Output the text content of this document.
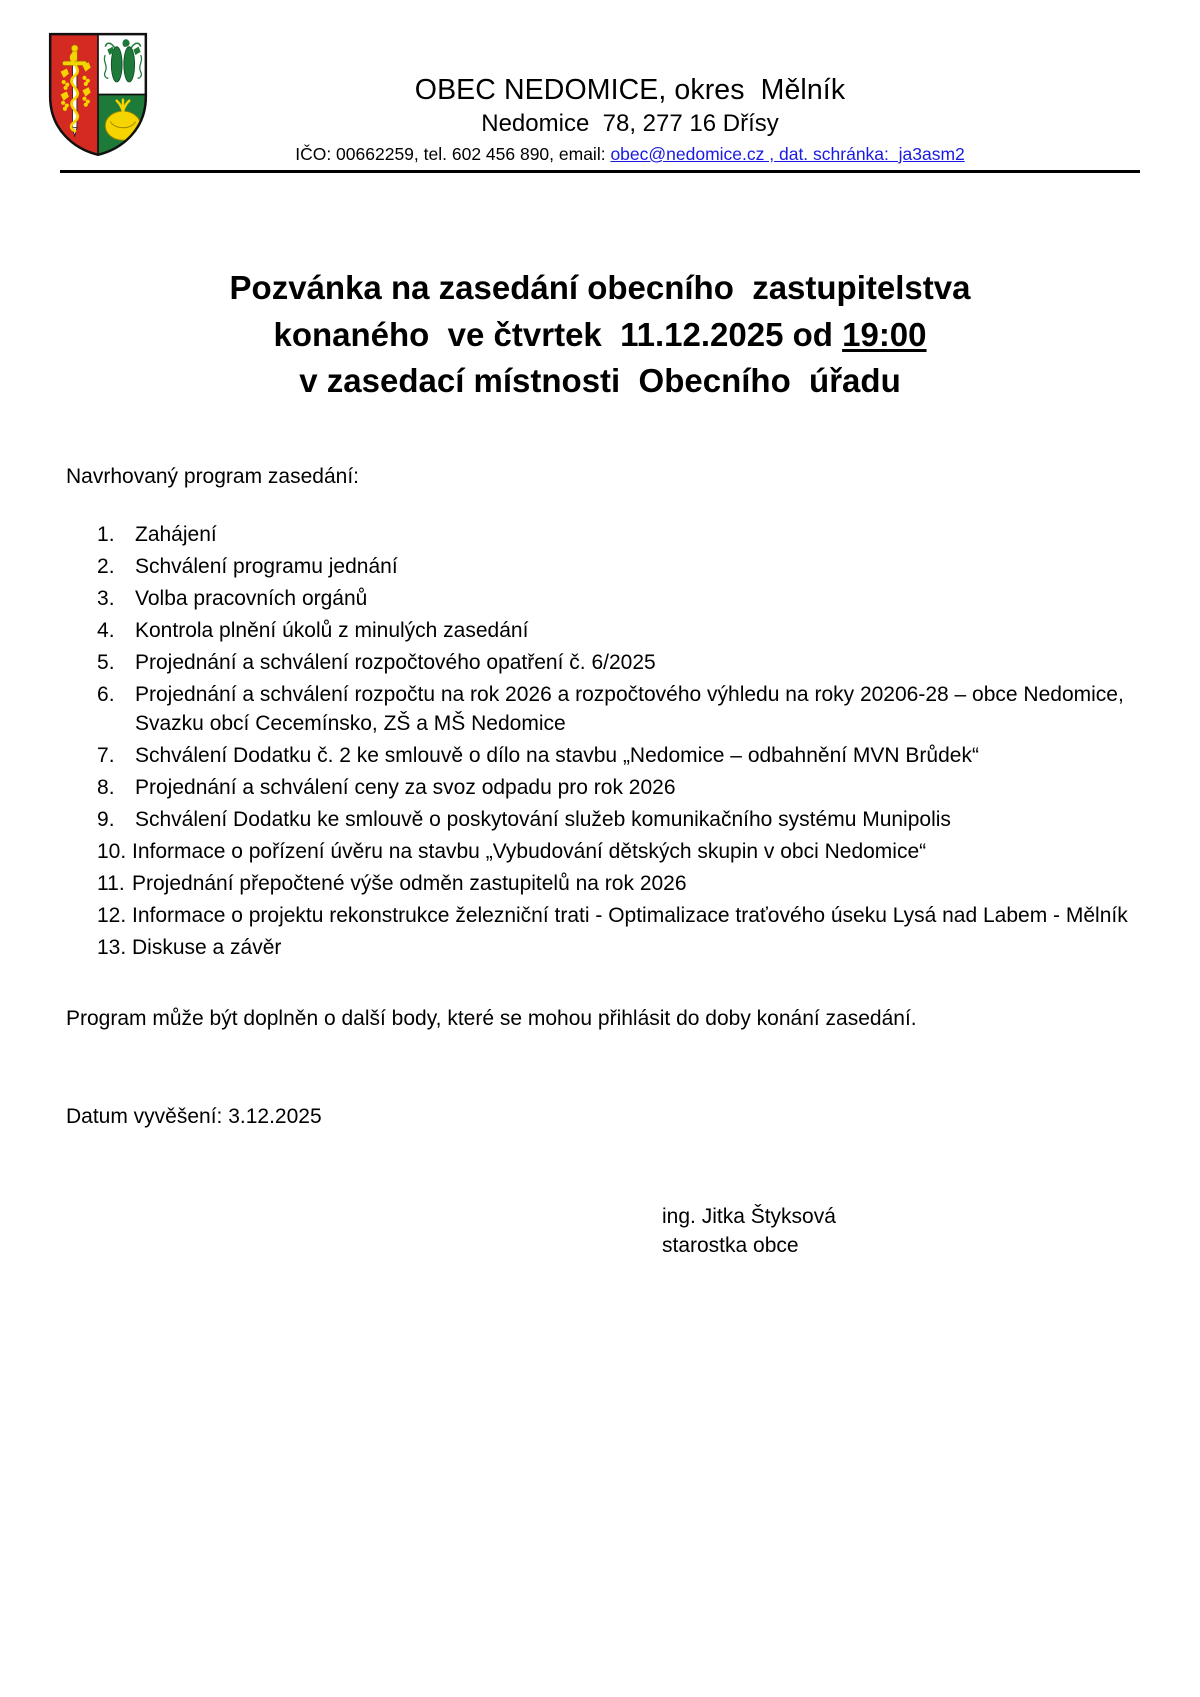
OBEC NEDOMICE, okres  Mělník
Nedomice  78, 277 16 Dřísy
IČO: 00662259, tel. 602 456 890, email: obec@nedomice.cz , dat. schránka:  ja3asm2
Pozvánka na zasedání obecního  zastupitelstva
konaného  ve čtvrtek  11.12.2025 od 19:00
v zasedací místnosti  Obecního  úřadu
Navrhovaný program zasedání:
Zahájení
Schválení programu jednání
Volba pracovních orgánů
Kontrola plnění úkolů z minulých zasedání
Projednání a schválení rozpočtového opatření č. 6/2025
Projednání a schválení rozpočtu na rok 2026 a rozpočtového výhledu na roky 20206-28 – obce Nedomice, Svazku obcí Cecemínsko, ZŠ a MŠ Nedomice
Schválení Dodatku č. 2 ke smlouvě o dílo na stavbu „Nedomice – odbahnění MVN Brůdek“
Projednání a schválení ceny za svoz odpadu pro rok 2026
Schválení Dodatku ke smlouvě o poskytování služeb komunikačního systému Munipolis
Informace o pořízení úvěru na stavbu „Vybudování dětských skupin v obci Nedomice“
Projednání přepočtené výše odměn zastupitelů na rok 2026
Informace o projektu rekonstrukce železniční trati - Optimalizace traťového úseku Lysá nad Labem - Mělník
Diskuse a závěr
Program může být doplněn o další body, které se mohou přihlásit do doby konání zasedání.
Datum vyvěšení: 3.12.2025
ing. Jitka Štyksová
starostka obce
